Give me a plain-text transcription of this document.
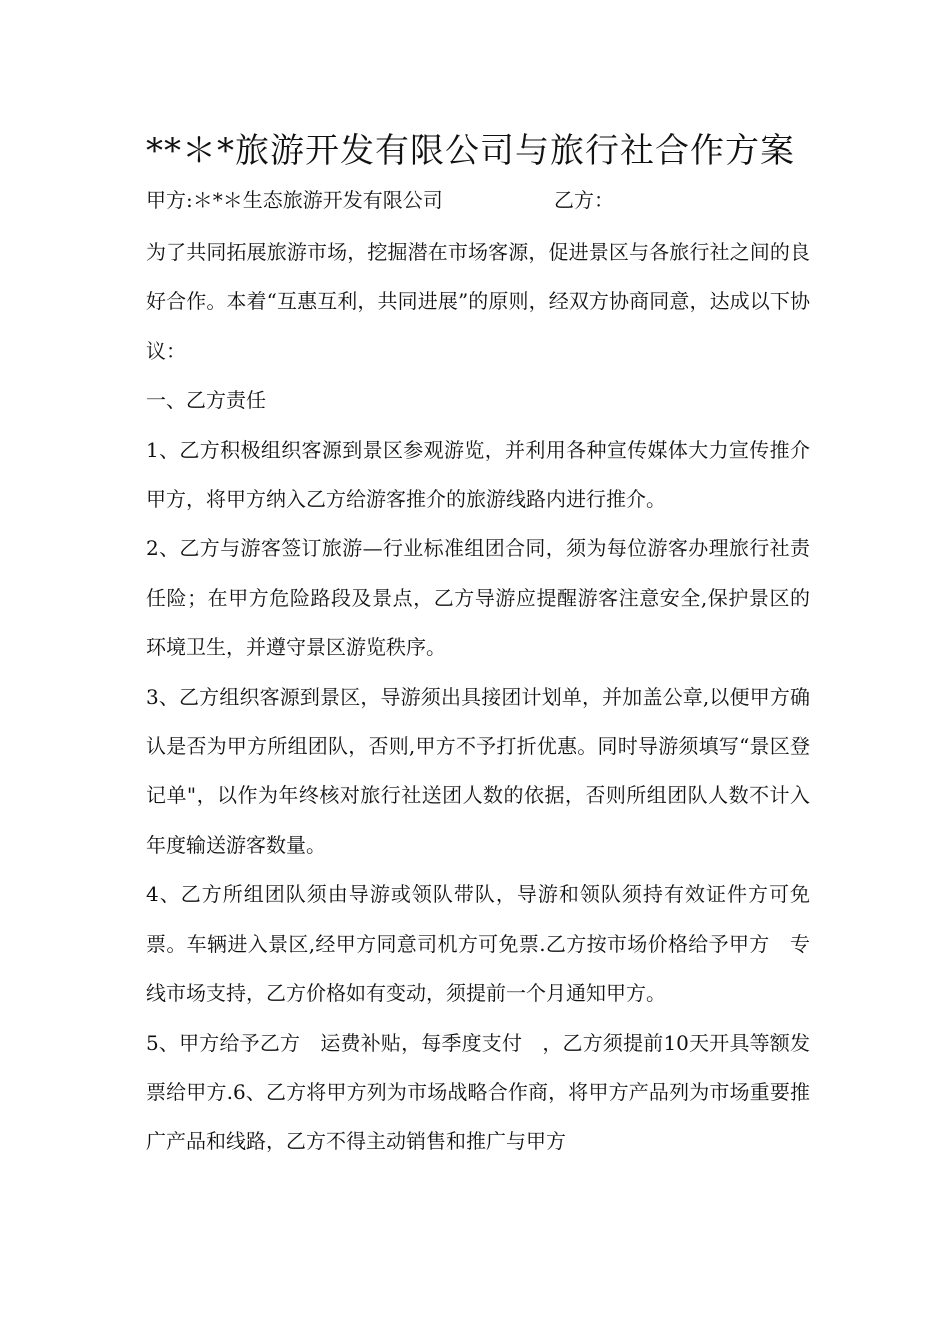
**＊*旅游开发有限公司与旅行社合作方案
甲方:＊*＊生态旅游开发有限公司	乙方：

为了共同拓展旅游市场，挖掘潜在市场客源，促进景区与各旅行社之间的良好合作。本着“互惠互利，共同进展”的原则，经双方协商同意，达成以下协议：

一、乙方责任

1、乙方积极组织客源到景区参观游览，并利用各种宣传媒体大力宣传推介甲方，将甲方纳入乙方给游客推介的旅游线路内进行推介。

2、乙方与游客签订旅游—行业标准组团合同，须为每位游客办理旅行社责任险；在甲方危险路段及景点，乙方导游应提醒游客注意安全,保护景区的环境卫生，并遵守景区游览秩序。

3、乙方组织客源到景区，导游须出具接团计划单，并加盖公章,以便甲方确认是否为甲方所组团队，否则,甲方不予打折优惠。同时导游须填写“景区登记单"，以作为年终核对旅行社送团人数的依据，否则所组团队人数不计入年度输送游客数量。

4、乙方所组团队须由导游或领队带队，导游和领队须持有效证件方可免票。车辆进入景区,经甲方同意司机方可免票.乙方按市场价格给予甲方　专线市场支持，乙方价格如有变动，须提前一个月通知甲方。

5、甲方给予乙方　运费补贴，每季度支付　，乙方须提前10天开具等额发票给甲方.6、乙方将甲方列为市场战略合作商，将甲方产品列为市场重要推广产品和线路，乙方不得主动销售和推广与甲方
